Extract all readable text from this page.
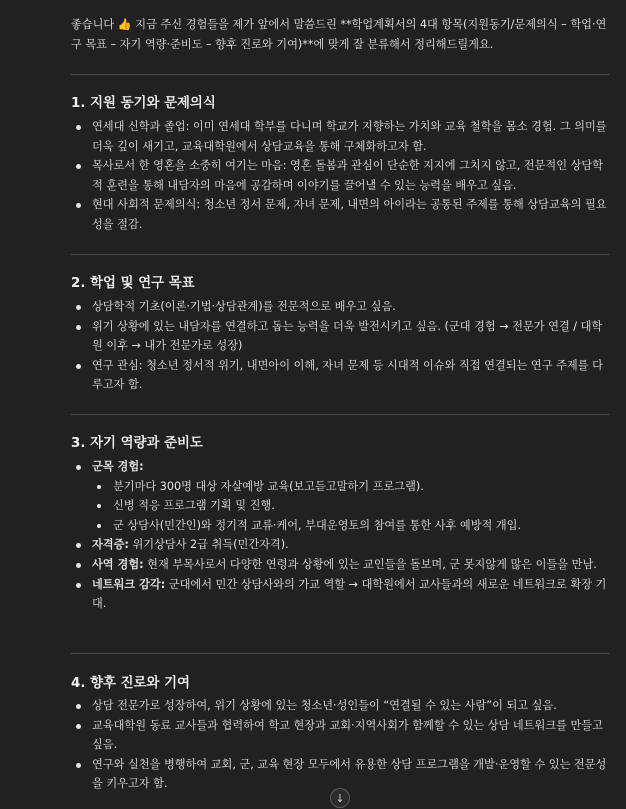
좋습니다 👍 지금 주신 경험들을 제가 앞에서 말씀드린 **학업계획서의 4대 항목(지원동기/문제의식 – 학업·연구 목표 – 자기 역량·준비도 – 향후 진로와 기여)**에 맞게 잘 분류해서 정리해드릴게요.
1. 지원 동기와 문제의식
연세대 신학과 졸업: 이미 연세대 학부를 다니며 학교가 지향하는 가치와 교육 철학을 몸소 경험. 그 의미를 더욱 깊이 새기고, 교육대학원에서 상담교육을 통해 구체화하고자 함.
목사로서 한 영혼을 소중히 여기는 마음: 영혼 돌봄과 관심이 단순한 지지에 그치지 않고, 전문적인 상담학적 훈련을 통해 내담자의 마음에 공감하며 이야기를 끌어낼 수 있는 능력을 배우고 싶음.
현대 사회적 문제의식: 청소년 정서 문제, 자녀 문제, 내면의 아이라는 공통된 주제를 통해 상담교육의 필요성을 절감.
2. 학업 및 연구 목표
상담학적 기초(이론·기법·상담관계)를 전문적으로 배우고 싶음.
위기 상황에 있는 내담자를 연결하고 돕는 능력을 더욱 발전시키고 싶음. (군대 경험 → 전문가 연결 / 대학원 이후 → 내가 전문가로 성장)
연구 관심: 청소년 정서적 위기, 내면아이 이해, 자녀 문제 등 시대적 이슈와 직접 연결되는 연구 주제를 다루고자 함.
3. 자기 역량과 준비도
군목 경험:
분기마다 300명 대상 자살예방 교육(보고듣고말하기 프로그램).
신병 적응 프로그램 기획 및 진행.
군 상담사(민간인)와 정기적 교류·케어, 부대운영토의 참여를 통한 사후 예방적 개입.
자격증: 위기상담사 2급 취득(민간자격).
사역 경험: 현재 부목사로서 다양한 연령과 상황에 있는 교인들을 돌보며, 군 못지않게 많은 이들을 만남.
네트워크 감각: 군대에서 민간 상담사와의 가교 역할 → 대학원에서 교사들과의 새로운 네트워크로 확장 기대.
4. 향후 진로와 기여
상담 전문가로 성장하여, 위기 상황에 있는 청소년·성인들이 “연결될 수 있는 사람”이 되고 싶음.
교육대학원 동료 교사들과 협력하여 학교 현장과 교회·지역사회가 함께할 수 있는 상담 네트워크를 만들고 싶음.
연구와 실천을 병행하여 교회, 군, 교육 현장 모두에서 유용한 상담 프로그램을 개발·운영할 수 있는 전문성을 키우고자 함.
↓
